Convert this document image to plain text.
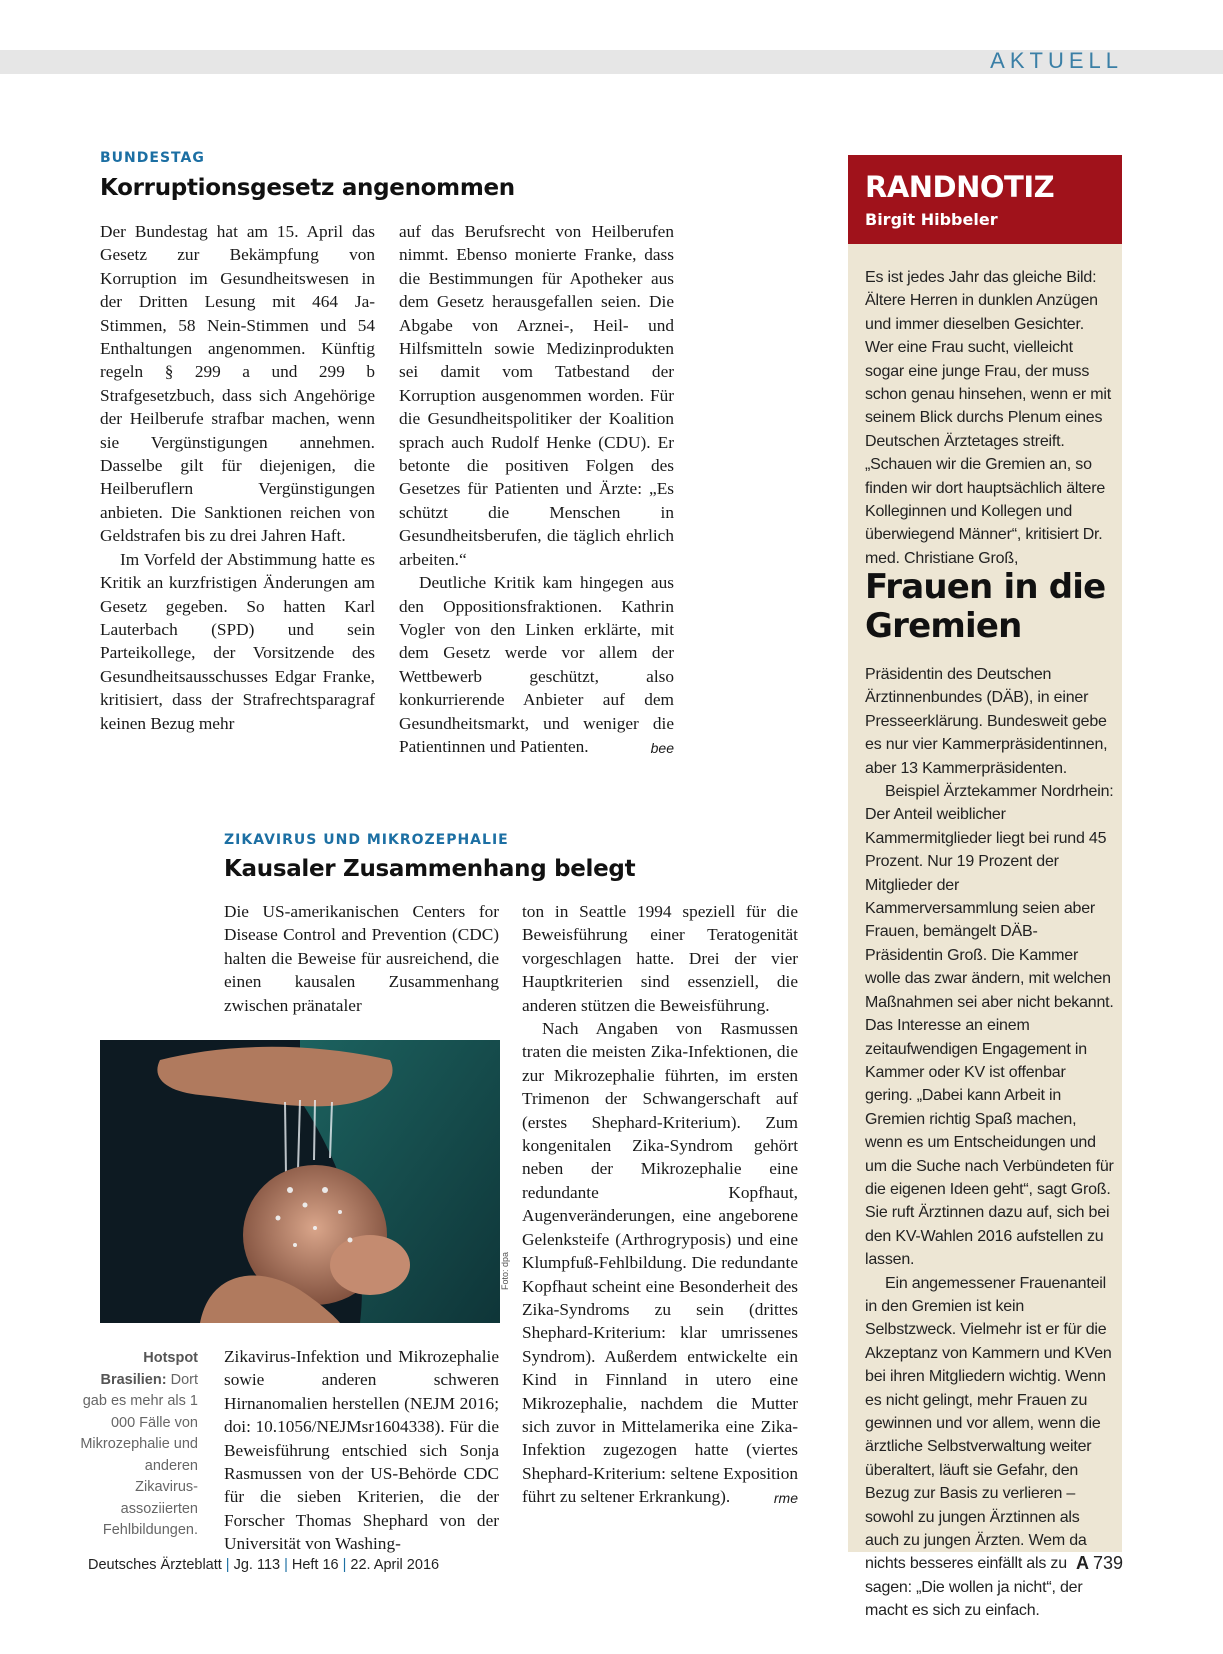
AKTUELL
BUNDESTAG
Korruptionsgesetz angenommen

Der Bundestag hat am 15. April das Gesetz zur Bekämpfung von Korruption im Gesundheitswesen in der Dritten Lesung mit 464 Ja-Stimmen, 58 Nein-Stimmen und 54 Enthaltungen angenommen. Künftig regeln § 299 a und 299 b Strafgesetzbuch, dass sich Angehörige der Heilberufe strafbar machen, wenn sie Vergünstigungen annehmen. Dasselbe gilt für diejenigen, die Heilberuflern Vergünstigungen anbieten. Die Sanktionen reichen von Geldstrafen bis zu drei Jahren Haft.

Im Vorfeld der Abstimmung hatte es Kritik an kurzfristigen Änderungen am Gesetz gegeben. So hatten Karl Lauterbach (SPD) und sein Parteikollege, der Vorsitzende des Gesundheitsausschusses Edgar Franke, kritisiert, dass der Strafrechtsparagraf keinen Bezug mehr

auf das Berufsrecht von Heilberufen nimmt. Ebenso monierte Franke, dass die Bestimmungen für Apotheker aus dem Gesetz herausgefallen seien. Die Abgabe von Arznei-, Heil- und Hilfsmitteln sowie Medizinprodukten sei damit vom Tatbestand der Korruption ausgenommen worden. Für die Gesundheitspolitiker der Koalition sprach auch Rudolf Henke (CDU). Er betonte die positiven Folgen des Gesetzes für Patienten und Ärzte: „Es schützt die Menschen in Gesundheitsberufen, die täglich ehrlich arbeiten.“

Deutliche Kritik kam hingegen aus den Oppositionsfraktionen. Kathrin Vogler von den Linken erklärte, mit dem Gesetz werde vor allem der Wettbewerb geschützt, also konkurrierende Anbieter auf dem Gesundheitsmarkt, und weniger die Patientinnen und Patienten.	bee

ZIKAVIRUS UND MIKROZEPHALIE
Kausaler Zusammenhang belegt

Die US-amerikanischen Centers for Disease Control and Prevention (CDC) halten die Beweise für ausreichend, die einen kausalen Zusammenhang zwischen pränataler

Foto: dpa
Hotspot Brasilien: Dort gab es mehr als 1 000 Fälle von Mikrozephalie und anderen Zikavirus-assoziierten Fehlbildungen.

Zikavirus-Infektion und Mikrozephalie sowie anderen schweren Hirnanomalien herstellen (NEJM 2016; doi: 10.1056/NEJMsr1604338). Für die Beweisführung entschied sich Sonja Rasmussen von der US-Behörde CDC für die sieben Kriterien, die der Forscher Thomas Shephard von der Universität von Washing-

ton in Seattle 1994 speziell für die Beweisführung einer Teratogenität vorgeschlagen hatte. Drei der vier Hauptkriterien sind essenziell, die anderen stützen die Beweisführung.

Nach Angaben von Rasmussen traten die meisten Zika-Infektionen, die zur Mikrozephalie führten, im ersten Trimenon der Schwangerschaft auf (erstes Shephard-Kriterium). Zum kongenitalen Zika-Syndrom gehört neben der Mikrozephalie eine redundante Kopfhaut, Augenveränderungen, eine angeborene Gelenksteife (Arthrogryposis) und eine Klumpfuß-Fehlbildung. Die redundante Kopfhaut scheint eine Besonderheit des Zika-Syndroms zu sein (drittes Shephard-Kriterium: klar umrissenes Syndrom). Außerdem entwickelte ein Kind in Finnland in utero eine Mikrozephalie, nachdem die Mutter sich zuvor in Mittelamerika eine Zika-Infektion zugezogen hatte (viertes Shephard-Kriterium: seltene Exposition führt zu seltener Erkrankung).	rme

RANDNOTIZ
Birgit Hibbeler

Es ist jedes Jahr das gleiche Bild: Ältere Herren in dunklen Anzügen und immer dieselben Gesichter. Wer eine Frau sucht, vielleicht sogar eine junge Frau, der muss schon genau hinsehen, wenn er mit seinem Blick durchs Plenum eines Deutschen Ärztetages streift. „Schauen wir die Gremien an, so finden wir dort hauptsächlich ältere Kolleginnen und Kollegen und überwiegend Männer“, kritisiert Dr. med. Christiane Groß,

Frauen in die Gremien

Präsidentin des Deutschen Ärztinnenbundes (DÄB), in einer Presseerklärung. Bundesweit gebe es nur vier Kammerpräsidentinnen, aber 13 Kammerpräsidenten.

Beispiel Ärztekammer Nordrhein: Der Anteil weiblicher Kammermitglieder liegt bei rund 45 Prozent. Nur 19 Prozent der Mitglieder der Kammerversammlung seien aber Frauen, bemängelt DÄB-Präsidentin Groß. Die Kammer wolle das zwar ändern, mit welchen Maßnahmen sei aber nicht bekannt. Das Interesse an einem zeitaufwendigen Engagement in Kammer oder KV ist offenbar gering. „Dabei kann Arbeit in Gremien richtig Spaß machen, wenn es um Entscheidungen und um die Suche nach Verbündeten für die eigenen Ideen geht“, sagt Groß. Sie ruft Ärztinnen dazu auf, sich bei den KV-Wahlen 2016 aufstellen zu lassen.

Ein angemessener Frauenanteil in den Gremien ist kein Selbstzweck. Vielmehr ist er für die Akzeptanz von Kammern und KVen bei ihren Mitgliedern wichtig. Wenn es nicht gelingt, mehr Frauen zu gewinnen und vor allem, wenn die ärztliche Selbstverwaltung weiter überaltert, läuft sie Gefahr, den Bezug zur Basis zu verlieren – sowohl zu jungen Ärztinnen als auch zu jungen Ärzten. Wem da nichts besseres einfällt als zu sagen: „Die wollen ja nicht“, der macht es sich zu einfach.

Deutsches Ärzteblatt | Jg. 113 | Heft 16 | 22. April 2016	A 739
